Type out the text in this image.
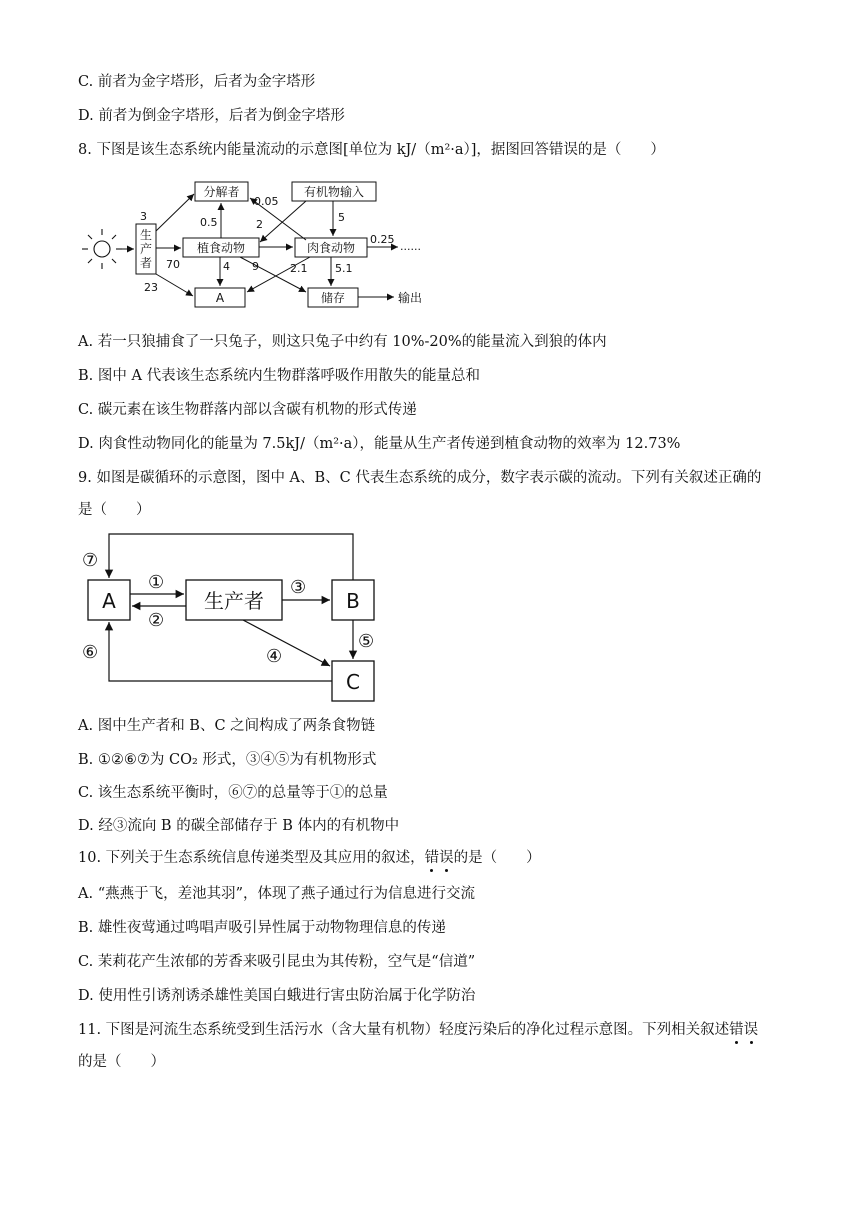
C. 前者为金字塔形，后者为金字塔形
D. 前者为倒金字塔形，后者为倒金字塔形
8. 下图是该生态系统内能量流动的示意图[单位为 kJ/（m²·a）]，据图回答错误的是（　　）
生产者
分解者	有机物输入
植食动物	肉食动物
A	储存
3	0.5
0.05
2
5
70
23
4 9	2.1	5.1
0.25
......
输出
A. 若一只狼捕食了一只兔子，则这只兔子中约有 10%-20%的能量流入到狼的体内
B. 图中 A 代表该生态系统内生物群落呼吸作用散失的能量总和
C. 碳元素在该生物群落内部以含碳有机物的形式传递
D. 肉食性动物同化的能量为 7.5kJ/（m²·a），能量从生产者传递到植食动物的效率为 12.73%
9. 如图是碳循环的示意图，图中 A、B、C 代表生态系统的成分，数字表示碳的流动。下列有关叙述正确的
是（　　）
A	生产者	B
C
①
②
③
④
⑤
⑥
⑦
A. 图中生产者和 B、C 之间构成了两条食物链
B. ①②⑥⑦为 CO₂ 形式，③④⑤为有机物形式
C. 该生态系统平衡时，⑥⑦的总量等于①的总量
D. 经③流向 B 的碳全部储存于 B 体内的有机物中
10. 下列关于生态系统信息传递类型及其应用的叙述，错误
的是（　　）
A. “燕燕于飞，差池其羽”，体现了燕子通过行为信息进行交流
B. 雄性夜莺通过鸣唱声吸引异性属于动物物理信息的传递
C. 茉莉花产生浓郁的芳香来吸引昆虫为其传粉，空气是“信道”
D. 使用性引诱剂诱杀雄性美国白蛾进行害虫防治属于化学防治
11. 下图是河流生态系统受到生活污水（含大量有机物）轻度污染后的净化过程示意图。下列相关叙述错误
的是（　　）
